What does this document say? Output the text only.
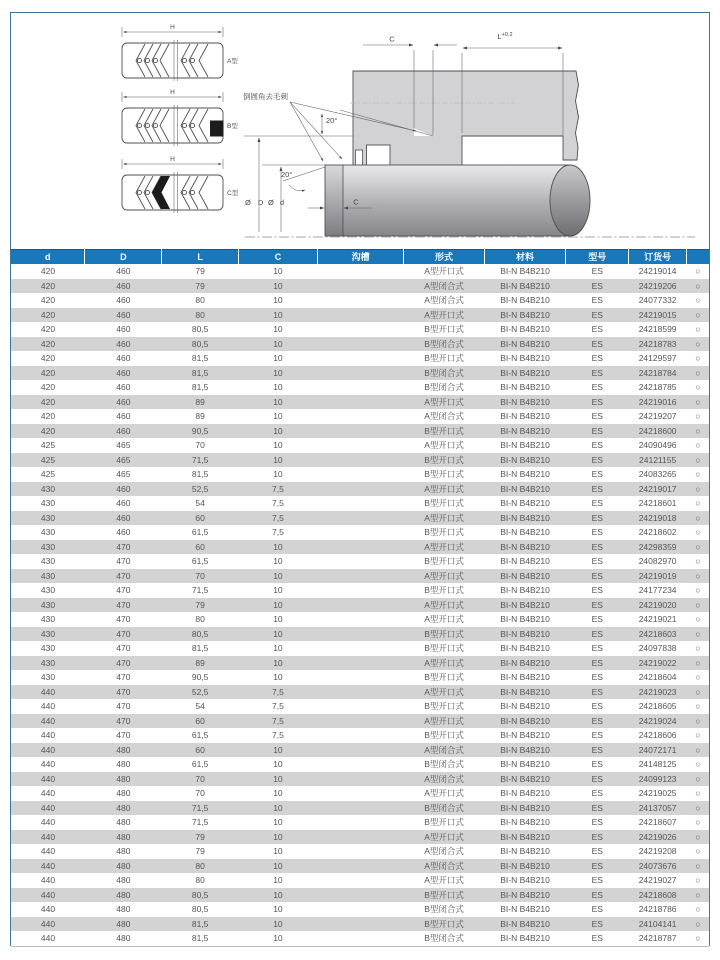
H
A型
H
B型
H
C型
C	$L^{+0.2}$
倒圆角去毛刺
20°
20°
Ø D Ø d	C
d	D	L	C	沟槽	形式	材料	型号	订货号	
420	460	79	10		A型开口式	BI-N B4B210	ES	24219014	○
420	460	79	10		A型闭合式	BI-N B4B210	ES	24219206	○
420	460	80	10		A型闭合式	BI-N B4B210	ES	24077332	○
420	460	80	10		A型开口式	BI-N B4B210	ES	24219015	○
420	460	80,5	10		B型开口式	BI-N B4B210	ES	24218599	○
420	460	80,5	10		B型闭合式	BI-N B4B210	ES	24218783	○
420	460	81,5	10		B型开口式	BI-N B4B210	ES	24129597	○
420	460	81,5	10		B型闭合式	BI-N B4B210	ES	24218784	○
420	460	81,5	10		B型闭合式	BI-N B4B210	ES	24218785	○
420	460	89	10		A型开口式	BI-N B4B210	ES	24219016	○
420	460	89	10		A型闭合式	BI-N B4B210	ES	24219207	○
420	460	90,5	10		B型开口式	BI-N B4B210	ES	24218600	○
425	465	70	10		A型开口式	BI-N B4B210	ES	24090496	○
425	465	71,5	10		B型开口式	BI-N B4B210	ES	24121155	○
425	465	81,5	10		B型开口式	BI-N B4B210	ES	24083265	○
430	460	52,5	7,5		A型开口式	BI-N B4B210	ES	24219017	○
430	460	54	7,5		B型开口式	BI-N B4B210	ES	24218601	○
430	460	60	7,5		A型开口式	BI-N B4B210	ES	24219018	○
430	460	61,5	7,5		B型开口式	BI-N B4B210	ES	24218602	○
430	470	60	10		A型开口式	BI-N B4B210	ES	24298359	○
430	470	61,5	10		B型开口式	BI-N B4B210	ES	24082970	○
430	470	70	10		A型开口式	BI-N B4B210	ES	24219019	○
430	470	71,5	10		B型开口式	BI-N B4B210	ES	24177234	○
430	470	79	10		A型开口式	BI-N B4B210	ES	24219020	○
430	470	80	10		A型开口式	BI-N B4B210	ES	24219021	○
430	470	80,5	10		B型开口式	BI-N B4B210	ES	24218603	○
430	470	81,5	10		B型开口式	BI-N B4B210	ES	24097838	○
430	470	89	10		A型开口式	BI-N B4B210	ES	24219022	○
430	470	90,5	10		B型开口式	BI-N B4B210	ES	24218604	○
440	470	52,5	7,5		A型开口式	BI-N B4B210	ES	24219023	○
440	470	54	7,5		B型开口式	BI-N B4B210	ES	24218605	○
440	470	60	7,5		A型开口式	BI-N B4B210	ES	24219024	○
440	470	61,5	7,5		B型开口式	BI-N B4B210	ES	24218606	○
440	480	60	10		A型闭合式	BI-N B4B210	ES	24072171	○
440	480	61,5	10		B型闭合式	BI-N B4B210	ES	24148125	○
440	480	70	10		A型闭合式	BI-N B4B210	ES	24099123	○
440	480	70	10		A型开口式	BI-N B4B210	ES	24219025	○
440	480	71,5	10		B型闭合式	BI-N B4B210	ES	24137057	○
440	480	71,5	10		B型开口式	BI-N B4B210	ES	24218607	○
440	480	79	10		A型开口式	BI-N B4B210	ES	24219026	○
440	480	79	10		A型闭合式	BI-N B4B210	ES	24219208	○
440	480	80	10		A型闭合式	BI-N B4B210	ES	24073676	○
440	480	80	10		A型开口式	BI-N B4B210	ES	24219027	○
440	480	80,5	10		B型开口式	BI-N B4B210	ES	24218608	○
440	480	80,5	10		B型闭合式	BI-N B4B210	ES	24218786	○
440	480	81,5	10		B型开口式	BI-N B4B210	ES	24104141	○
440	480	81,5	10		B型闭合式	BI-N B4B210	ES	24218787	○
